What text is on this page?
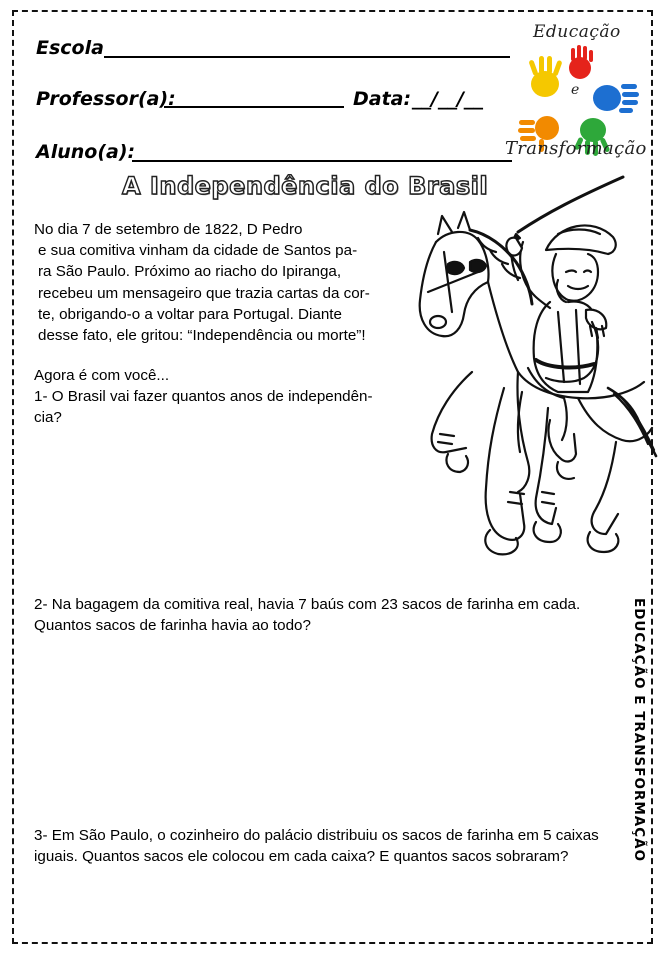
Escola
Professor(a):	Data: __/__/__
Aluno(a):
Educação
e
Transformação
A Independência do Brasil
No dia 7 de setembro de 1822, D Pedro
e sua comitiva vinham da cidade de Santos pa-
ra São Paulo. Próximo ao riacho do Ipiranga,
recebeu um mensageiro que trazia cartas da cor-
te, obrigando-o a voltar para Portugal. Diante
desse fato, ele gritou: “Independência ou morte”!
Agora é com você...
1- O Brasil vai fazer quantos anos de independên-
cia?
2- Na bagagem da comitiva real, havia 7 baús com 23 sacos de farinha em cada.
Quantos sacos de farinha havia ao todo?
3- Em São Paulo, o cozinheiro do palácio distribuiu os sacos de farinha em 5 caixas
iguais. Quantos sacos ele colocou em cada caixa? E quantos sacos sobraram?	EDUCAÇÃO E TRANSFORMAÇÃO
